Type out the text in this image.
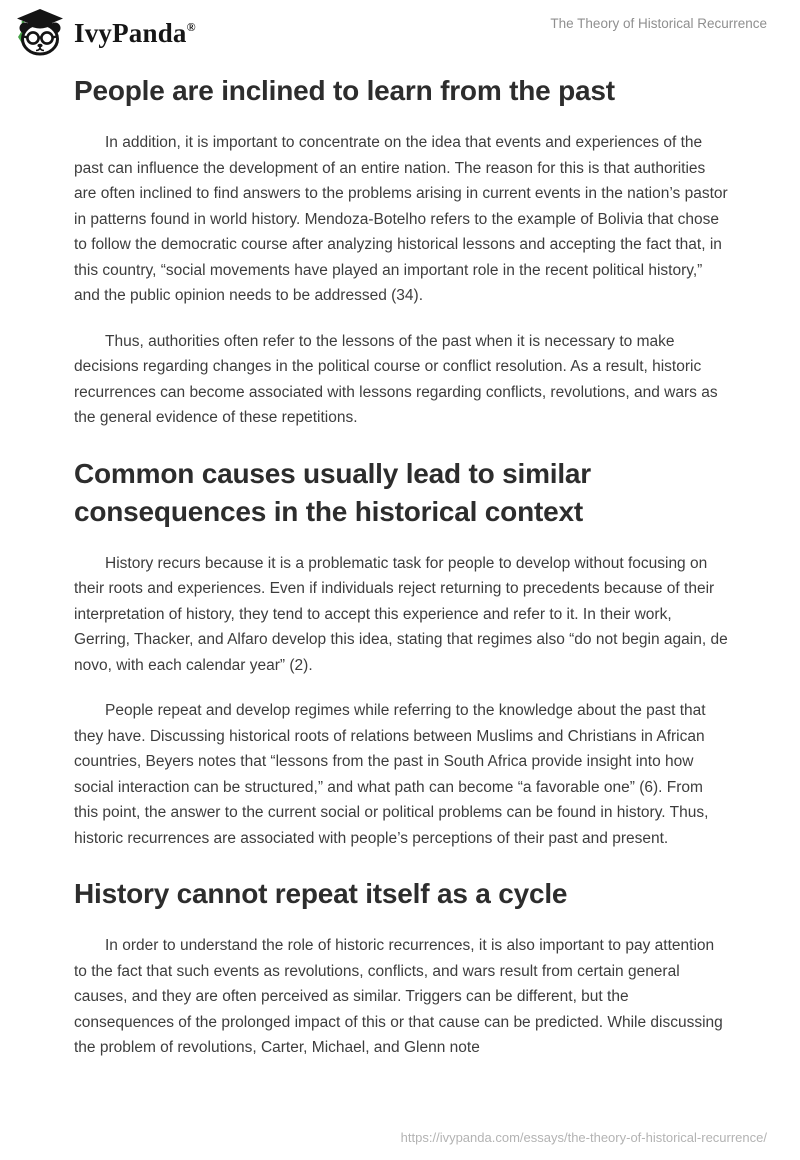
IvyPanda®	The Theory of Historical Recurrence
People are inclined to learn from the past

In addition, it is important to concentrate on the idea that events and experiences of the past can influence the development of an entire nation. The reason for this is that authorities are often inclined to find answers to the problems arising in current events in the nation’s pastor in patterns found in world history. Mendoza-Botelho refers to the example of Bolivia that chose to follow the democratic course after analyzing historical lessons and accepting the fact that, in this country, “social movements have played an important role in the recent political history,” and the public opinion needs to be addressed (34).

Thus, authorities often refer to the lessons of the past when it is necessary to make decisions regarding changes in the political course or conflict resolution. As a result, historic recurrences can become associated with lessons regarding conflicts, revolutions, and wars as the general evidence of these repetitions.

Common causes usually lead to similar consequences in the historical context

History recurs because it is a problematic task for people to develop without focusing on their roots and experiences. Even if individuals reject returning to precedents because of their interpretation of history, they tend to accept this experience and refer to it. In their work, Gerring, Thacker, and Alfaro develop this idea, stating that regimes also “do not begin again, de novo, with each calendar year” (2).

People repeat and develop regimes while referring to the knowledge about the past that they have. Discussing historical roots of relations between Muslims and Christians in African countries, Beyers notes that “lessons from the past in South Africa provide insight into how social interaction can be structured,” and what path can become “a favorable one” (6). From this point, the answer to the current social or political problems can be found in history. Thus, historic recurrences are associated with people’s perceptions of their past and present.

History cannot repeat itself as a cycle

In order to understand the role of historic recurrences, it is also important to pay attention to the fact that such events as revolutions, conflicts, and wars result from certain general causes, and they are often perceived as similar. Triggers can be different, but the consequences of the prolonged impact of this or that cause can be predicted. While discussing the problem of revolutions, Carter, Michael, and Glenn note

https://ivypanda.com/essays/the-theory-of-historical-recurrence/
